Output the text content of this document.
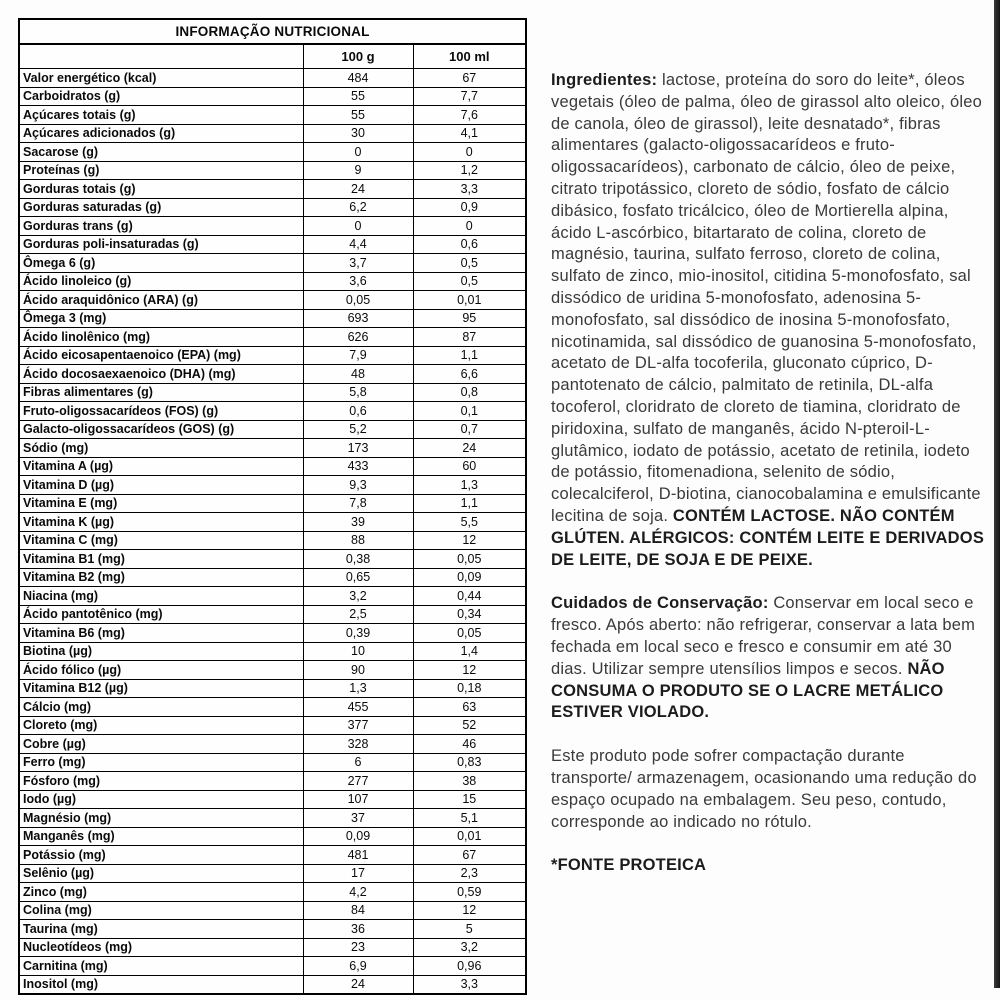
INFORMAÇÃO NUTRICIONAL		
	100 g	100 ml
Valor energético (kcal)	484	67
Carboidratos (g)	55	7,7
Açúcares totais (g)	55	7,6
Açúcares adicionados (g)	30	4,1
Sacarose (g)	0	0
Proteínas (g)	9	1,2
Gorduras totais (g)	24	3,3
Gorduras saturadas (g)	6,2	0,9
Gorduras trans (g)	0	0
Gorduras poli-insaturadas (g)	4,4	0,6
Ômega 6 (g)	3,7	0,5
Ácido linoleico (g)	3,6	0,5
Ácido araquidônico (ARA) (g)	0,05	0,01
Ômega 3 (mg)	693	95
Ácido linolênico (mg)	626	87
Ácido eicosapentaenoico (EPA) (mg)	7,9	1,1
Ácido docosaexaenoico (DHA) (mg)	48	6,6
Fibras alimentares (g)	5,8	0,8
Fruto-oligossacarídeos (FOS) (g)	0,6	0,1
Galacto-oligossacarídeos (GOS) (g)	5,2	0,7
Sódio (mg)	173	24
Vitamina A (µg)	433	60
Vitamina D (µg)	9,3	1,3
Vitamina E (mg)	7,8	1,1
Vitamina K (µg)	39	5,5
Vitamina C (mg)	88	12
Vitamina B1 (mg)	0,38	0,05
Vitamina B2 (mg)	0,65	0,09
Niacina (mg)	3,2	0,44
Ácido pantotênico (mg)	2,5	0,34
Vitamina B6 (mg)	0,39	0,05
Biotina (µg)	10	1,4
Ácido fólico (µg)	90	12
Vitamina B12 (µg)	1,3	0,18
Cálcio (mg)	455	63
Cloreto (mg)	377	52
Cobre (µg)	328	46
Ferro (mg)	6	0,83
Fósforo (mg)	277	38
Iodo (µg)	107	15
Magnésio (mg)	37	5,1
Manganês (mg)	0,09	0,01
Potássio (mg)	481	67
Selênio (µg)	17	2,3
Zinco (mg)	4,2	0,59
Colina (mg)	84	12
Taurina (mg)	36	5
Nucleotídeos (mg)	23	3,2
Carnitina (mg)	6,9	0,96
Inositol (mg)	24	3,3

Ingredientes: lactose, proteína do soro do leite*, óleos vegetais (óleo de palma, óleo de girassol alto oleico, óleo de canola, óleo de girassol), leite desnatado*, fibras alimentares (galacto-oligossacarídeos e fruto-oligossacarídeos), carbonato de cálcio, óleo de peixe, citrato tripotássico, cloreto de sódio, fosfato de cálcio dibásico, fosfato tricálcico, óleo de Mortierella alpina, ácido L-ascórbico, bitartarato de colina, cloreto de magnésio, taurina, sulfato ferroso, cloreto de colina, sulfato de zinco, mio-inositol, citidina 5-monofosfato, sal dissódico de uridina 5-monofosfato, adenosina 5-monofosfato, sal dissódico de inosina 5-monofosfato, nicotinamida, sal dissódico de guanosina 5-monofosfato, acetato de DL-alfa tocoferila, gluconato cúprico, D-pantotenato de cálcio, palmitato de retinila, DL-alfa tocoferol, cloridrato de cloreto de tiamina, cloridrato de piridoxina, sulfato de manganês, ácido N-pteroil-L-glutâmico, iodato de potássio, acetato de retinila, iodeto de potássio, fitomenadiona, selenito de sódio, colecalciferol, D-biotina, cianocobalamina e emulsificante lecitina de soja. CONTÉM LACTOSE. NÃO CONTÉM GLÚTEN. ALÉRGICOS: CONTÉM LEITE E DERIVADOS DE LEITE, DE SOJA E DE PEIXE.

Cuidados de Conservação: Conservar em local seco e fresco. Após aberto: não refrigerar, conservar a lata bem fechada em local seco e fresco e consumir em até 30 dias. Utilizar sempre utensílios limpos e secos. NÃO CONSUMA O PRODUTO SE O LACRE METÁLICO ESTIVER VIOLADO.

Este produto pode sofrer compactação durante transporte/ armazenagem, ocasionando uma redução do espaço ocupado na embalagem. Seu peso, contudo, corresponde ao indicado no rótulo.

*FONTE PROTEICA
